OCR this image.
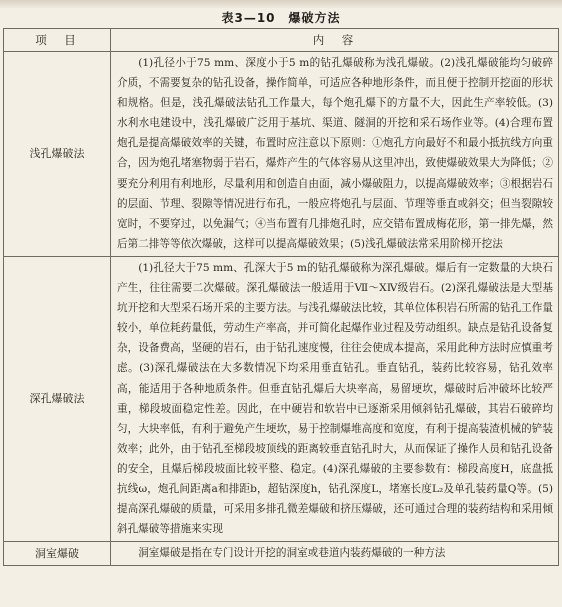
表3—10　爆破方法
项　目	内　容
浅孔爆破法	(1)孔径小于75 mm、深度小于5 m的钻孔爆破称为浅孔爆破。(2)浅孔爆破能均匀破碎介质，不需要复杂的钻孔设备，操作简单，可适应各种地形条件，而且便于控制开挖面的形状和规格。但是，浅孔爆破法钻孔工作量大，每个炮孔爆下的方量不大，因此生产率较低。(3)水利水电建设中，浅孔爆破广泛用于基坑、渠道、隧洞的开挖和采石场作业等。(4)合理布置炮孔是提高爆破效率的关键，布置时应注意以下原则：①炮孔方向最好不和最小抵抗线方向重合，因为炮孔堵塞物弱于岩石，爆炸产生的气体容易从这里冲出，致使爆破效果大为降低；②要充分利用有利地形，尽量利用和创造自由面，减小爆破阻力，以提高爆破效率；③根据岩石的层面、节理、裂隙等情况进行布孔，一般应将炮孔与层面、节理等垂直或斜交；但当裂隙较宽时，不要穿过，以免漏气；④当布置有几排炮孔时，应交错布置成梅花形，第一排先爆，然后第二排等等依次爆破，这样可以提高爆破效果；(5)浅孔爆破法常采用阶梯开挖法

深孔爆破法	(1)孔径大于75 mm、孔深大于5 m的钻孔爆破称为深孔爆破。爆后有一定数量的大块石产生，往往需要二次爆破。深孔爆破法一般适用于Ⅶ～ⅩⅣ级岩石。(2)深孔爆破法是大型基坑开挖和大型采石场开采的主要方法。与浅孔爆破法比较，其单位体积岩石所需的钻孔工作量较小，单位耗药量低，劳动生产率高，并可简化起爆作业过程及劳动组织。缺点是钻孔设备复杂，设备费高，坚硬的岩石，由于钻孔速度慢，往往会使成本提高，采用此种方法时应慎重考虑。(3)深孔爆破法在大多数情况下均采用垂直钻孔。垂直钻孔，装药比较容易，钻孔效率高，能适用于各种地质条件。但垂直钻孔爆后大块率高，易留埂坎，爆破时后冲破坏比较严重，梯段坡面稳定性差。因此，在中硬岩和软岩中已逐渐采用倾斜钻孔爆破，其岩石破碎均匀，大块率低，有利于避免产生埂坎，易于控制爆堆高度和宽度，有利于提高装渣机械的铲装效率；此外，由于钻孔至梯段坡顶线的距离较垂直钻孔时大，从而保证了操作人员和钻孔设备的安全，且爆后梯段坡面比较平整、稳定。(4)深孔爆破的主要参数有：梯段高度H，底盘抵抗线ω，炮孔间距离a和排距b，超钻深度h，钻孔深度L，堵塞长度L₂及单孔装药量Q等。(5)提高深孔爆破的质量，可采用多排孔微差爆破和挤压爆破，还可通过合理的装药结构和采用倾斜孔爆破等措施来实现

洞室爆破	洞室爆破是指在专门设计开挖的洞室或巷道内装药爆破的一种方法
